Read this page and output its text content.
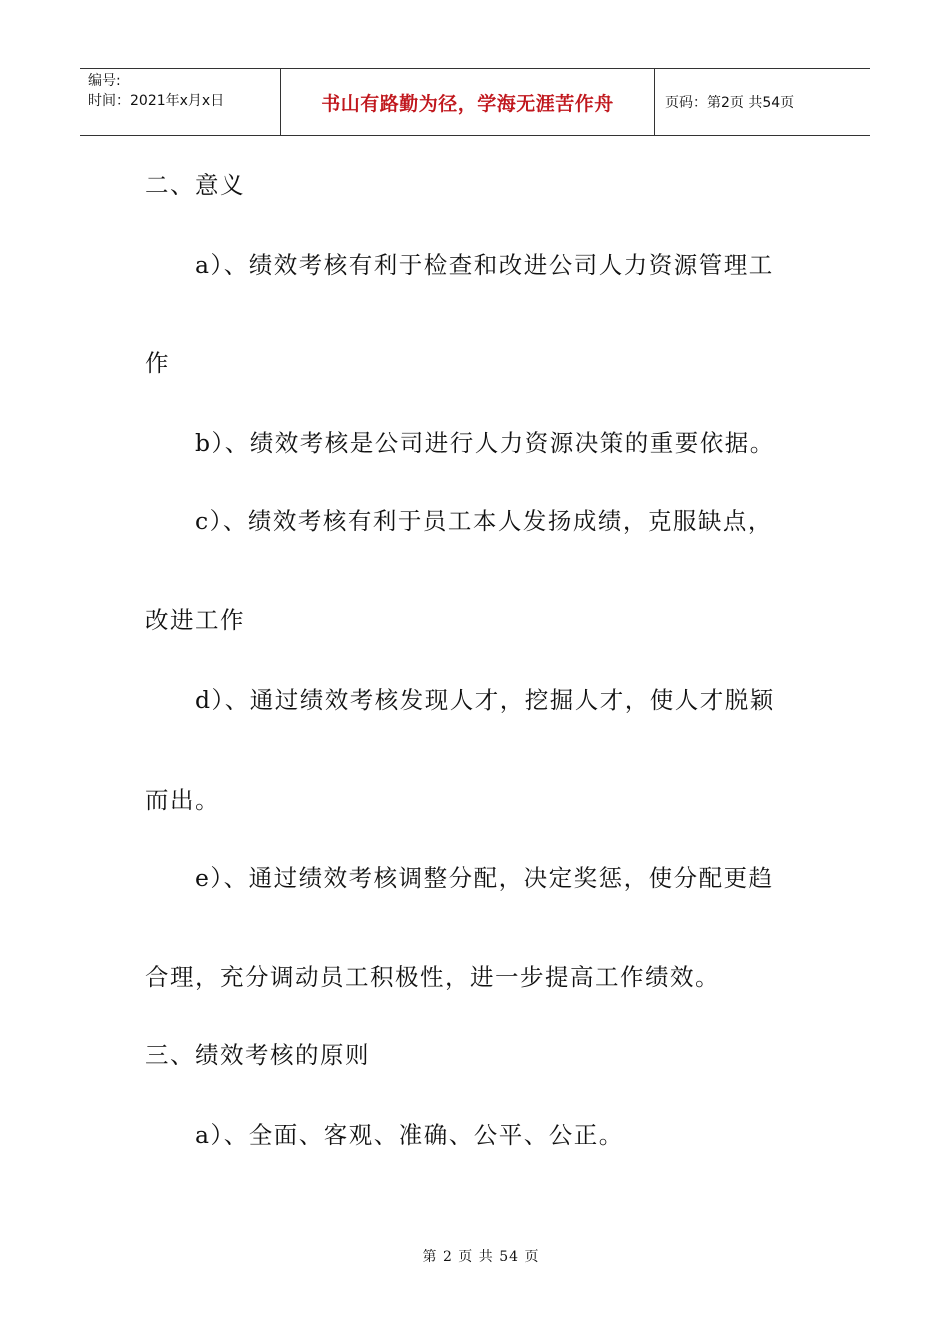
编号:
时间：2021年x月x日	书山有路勤为径，学海无涯苦作舟	页码：第2页 共54页
二、意义
a）、绩效考核有利于检查和改进公司人力资源管理工
作
b）、绩效考核是公司进行人力资源决策的重要依据。
c）、绩效考核有利于员工本人发扬成绩，克服缺点，
改进工作
d）、通过绩效考核发现人才，挖掘人才，使人才脱颖
而出。
e）、通过绩效考核调整分配，决定奖惩，使分配更趋
合理，充分调动员工积极性，进一步提高工作绩效。
三、绩效考核的原则
a）、全面、客观、准确、公平、公正。
第 2 页 共 54 页
